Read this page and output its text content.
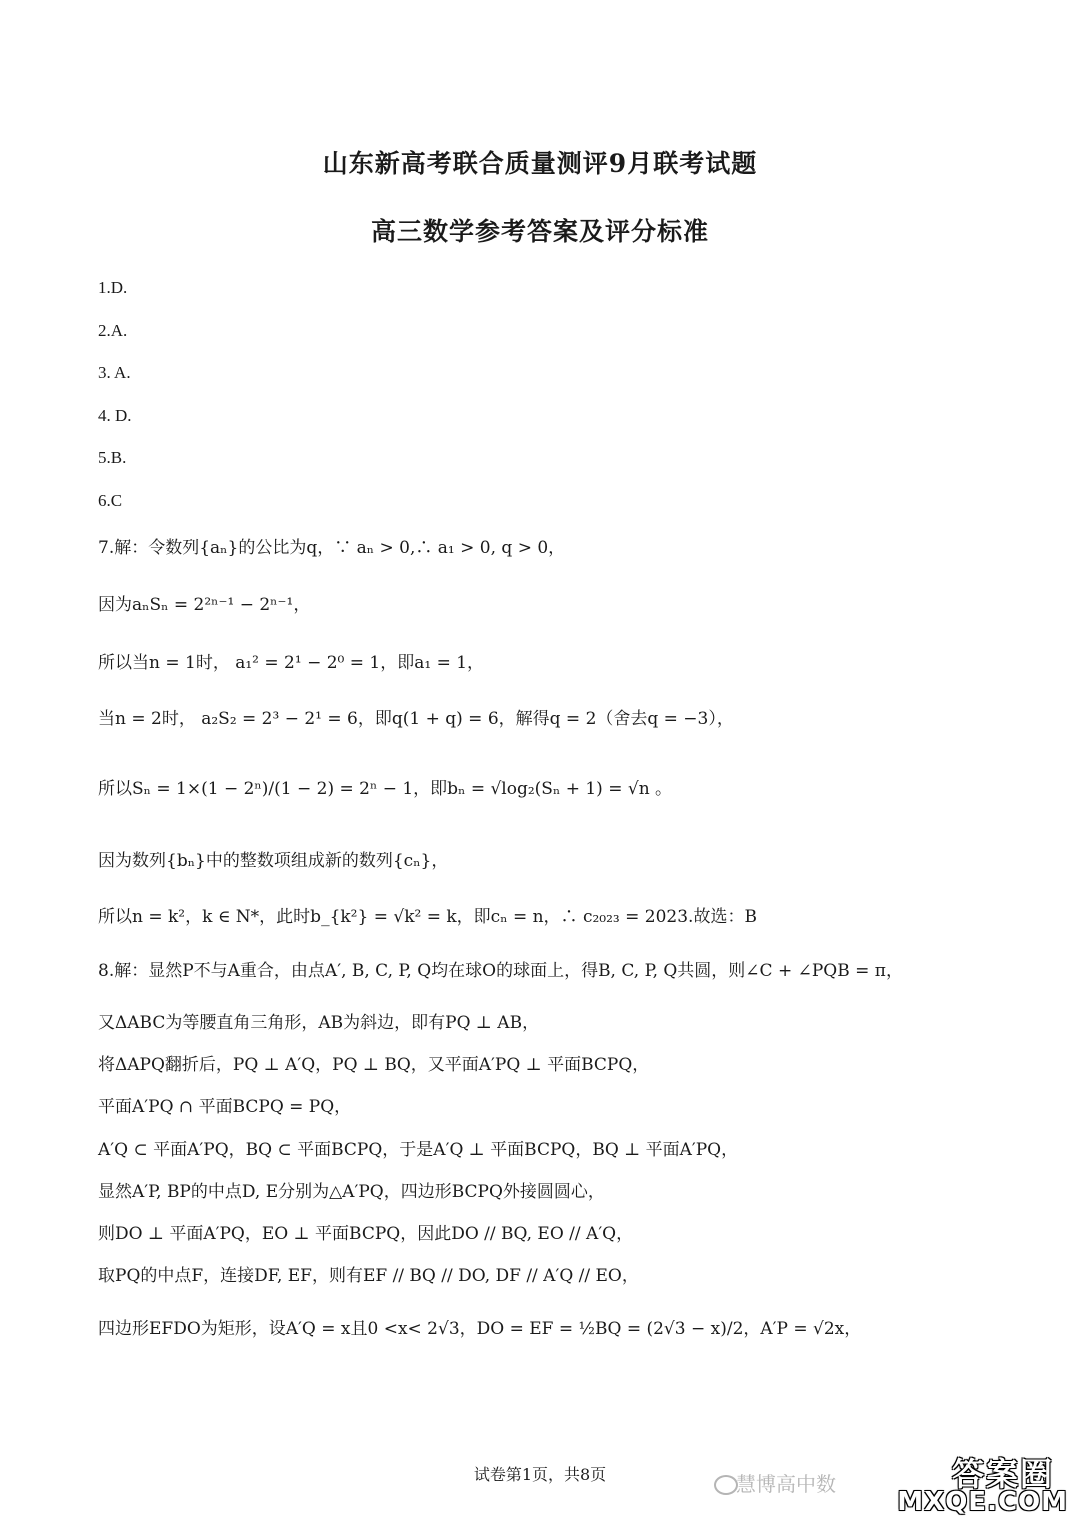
山东新高考联合质量测评9月联考试题
高三数学参考答案及评分标准
1.D.
2.A.
3. A.
4. D.
5.B.
6.C
7.解：令数列{aₙ}的公比为q，∵ aₙ > 0,∴ a₁ > 0, q > 0，
因为aₙSₙ = 2²ⁿ⁻¹ − 2ⁿ⁻¹，
所以当n = 1时， a₁² = 2¹ − 2⁰ = 1，即a₁ = 1，
当n = 2时， a₂S₂ = 2³ − 2¹ = 6，即q(1 + q) = 6，解得q = 2（舍去q = −3），
所以Sₙ = 1×(1 − 2ⁿ)/(1 − 2) = 2ⁿ − 1，即bₙ = √log₂(Sₙ + 1) = √n 。
因为数列{bₙ}中的整数项组成新的数列{cₙ}，
所以n = k²，k ∈ N*，此时b_{k²} = √k² = k，即cₙ = n，∴ c₂₀₂₃ = 2023.故选：B
8.解：显然P不与A重合，由点A′, B, C, P, Q均在球O的球面上，得B, C, P, Q共圆，则∠C + ∠PQB = π，
又ΔABC为等腰直角三角形，AB为斜边，即有PQ ⊥ AB，
将ΔAPQ翻折后，PQ ⊥ A′Q，PQ ⊥ BQ，又平面A′PQ ⊥ 平面BCPQ，
平面A′PQ ∩ 平面BCPQ = PQ，
A′Q ⊂ 平面A′PQ，BQ ⊂ 平面BCPQ，于是A′Q ⊥ 平面BCPQ，BQ ⊥ 平面A′PQ，
显然A′P, BP的中点D, E分别为△A′PQ，四边形BCPQ外接圆圆心，
则DO ⊥ 平面A′PQ，EO ⊥ 平面BCPQ，因此DO // BQ, EO // A′Q，
取PQ的中点F，连接DF, EF，则有EF // BQ // DO, DF // A′Q // EO，
四边形EFDO为矩形，设A′Q = x且0 <x< 2√3，DO = EF = ½BQ = (2√3 − x)/2，A′P = √2x，
试卷第1页，共8页	慧博高中数	答案圈
MXQE.COM
